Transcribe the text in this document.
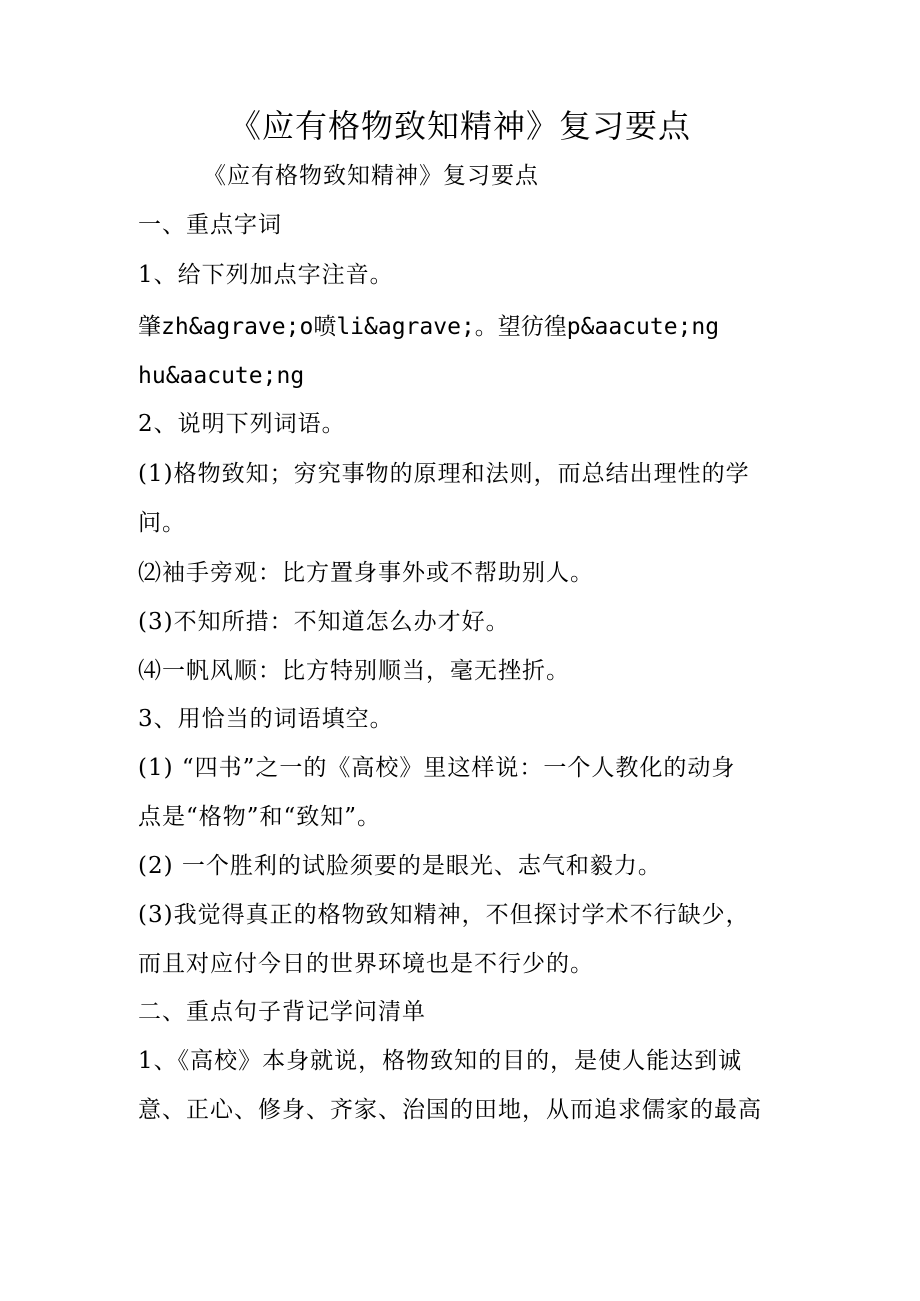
《应有格物致知精神》复习要点
《应有格物致知精神》复习要点
一、重点字词
1、给下列加点字注音。
肇zh&agrave;o喷li&agrave;。望彷徨p&aacute;ng
hu&aacute;ng
2、说明下列词语。
(1)格物致知；穷究事物的原理和法则，而总结出理性的学
问。
⑵袖手旁观：比方置身事外或不帮助别人。
(3)不知所措：不知道怎么办才好。
⑷一帆风顺：比方特别顺当，毫无挫折。
3、用恰当的词语填空。
(1) “四书”之一的《高校》里这样说：一个人教化的动身
点是“格物”和“致知”。
(2) 一个胜利的试脸须要的是眼光、志气和毅力。
(3)我觉得真正的格物致知精神，不但探讨学术不行缺少，
而且对应付今日的世界环境也是不行少的。
二、重点句子背记学问清单
1、《高校》本身就说，格物致知的目的，是使人能达到诚
意、正心、修身、齐家、治国的田地，从而追求儒家的最高
